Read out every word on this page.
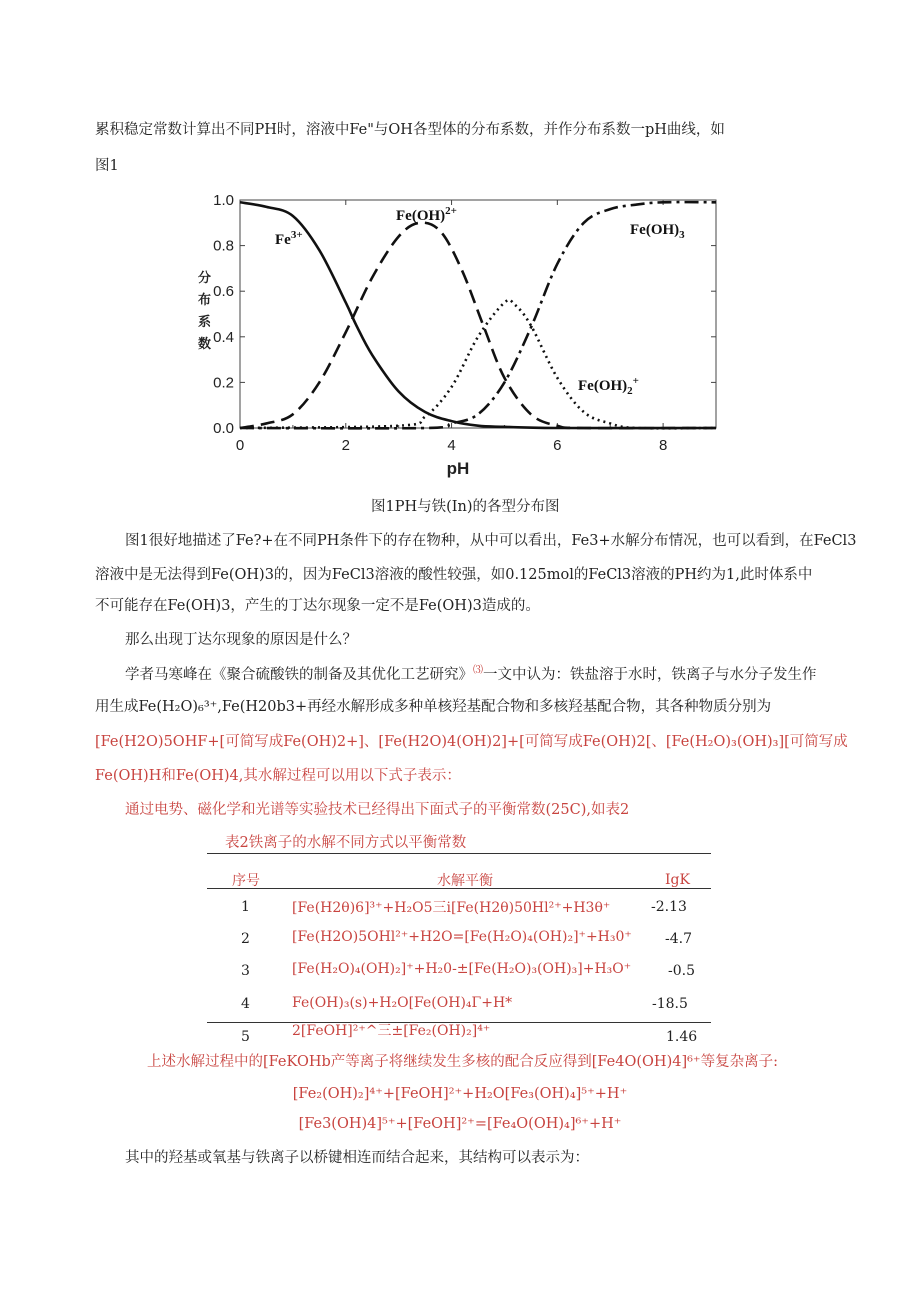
累积稳定常数计算出不同PH时，溶液中Fe"与OH各型体的分布系数，并作分布系数一pH曲线，如
图1
0.0
0.2
0.4
0.6
0.8
1.0
0	2	4	6	8
pH
分
布
系
数
$Fe^{3+}$
Fe(OH)$^{2+}$
$Fe(OH)_2^+$
$Fe(OH)_3$
图1PH与铁(In)的各型分布图
图1很好地描述了Fe?+在不同PH条件下的存在物种，从中可以看出，Fe3+水解分布情况，也可以看到，在FeCl3
溶液中是无法得到Fe(OH)3的，因为FeCl3溶液的酸性较强，如0.125mol的FeCl3溶液的PH约为1,此时体系中
不可能存在Fe(OH)3，产生的丁达尔现象一定不是Fe(OH)3造成的。
那么出现丁达尔现象的原因是什么？
学者马寒峰在《聚合硫酸铁的制备及其优化工艺研究》⑶一文中认为：铁盐溶于水时，铁离子与水分子发生作
用生成Fe(H₂O)₆³⁺,Fe(H20b3+再经水解形成多种单核羟基配合物和多核羟基配合物，其各种物质分别为
[Fe(H2O)5OHF+[可简写成Fe(OH)2+]、[Fe(H2O)4(OH)2]+[可简写成Fe(OH)2[、[Fe(H₂O)₃(OH)₃][可简写成
Fe(OH)H和Fe(OH)4,其水解过程可以用以下式子表示：
通过电势、磁化学和光谱等实验技术已经得出下面式子的平衡常数(25C),如表2
表2铁离子的水解不同方式以平衡常数
序号	水解平衡	IgK
1	[Fe(H2θ)6]³⁺+H₂O5三i[Fe(H2θ)50Hl²⁺+H3θ⁺	-2.13
2	[Fe(H2O)5OHl²⁺+H2O=[Fe(H₂O)₄(OH)₂]⁺+H₃0⁺ -4.7
3	[Fe(H₂O)₄(OH)₂]⁺+H₂0-±[Fe(H₂O)₃(OH)₃]+H₃O⁺	-0.5
4	Fe(OH)₃(s)+H₂O[Fe(OH)₄Γ+H*	-18.5
5	2[FeOH]²⁺^三±[Fe₂(OH)₂]⁴⁺	1.46
上述水解过程中的[FeKOHb产等离子将继续发生多核的配合反应得到[Fe4O(OH)4]⁶⁺等复杂离子:
[Fe₂(OH)₂]⁴⁺+[FeOH]²⁺+H₂O[Fe₃(OH)₄]⁵⁺+H⁺
[Fe3(OH)4]⁵⁺+[FeOH]²⁺=[Fe₄O(OH)₄]⁶⁺+H⁺
其中的羟基或氧基与铁离子以桥键相连而结合起来，其结构可以表示为：
